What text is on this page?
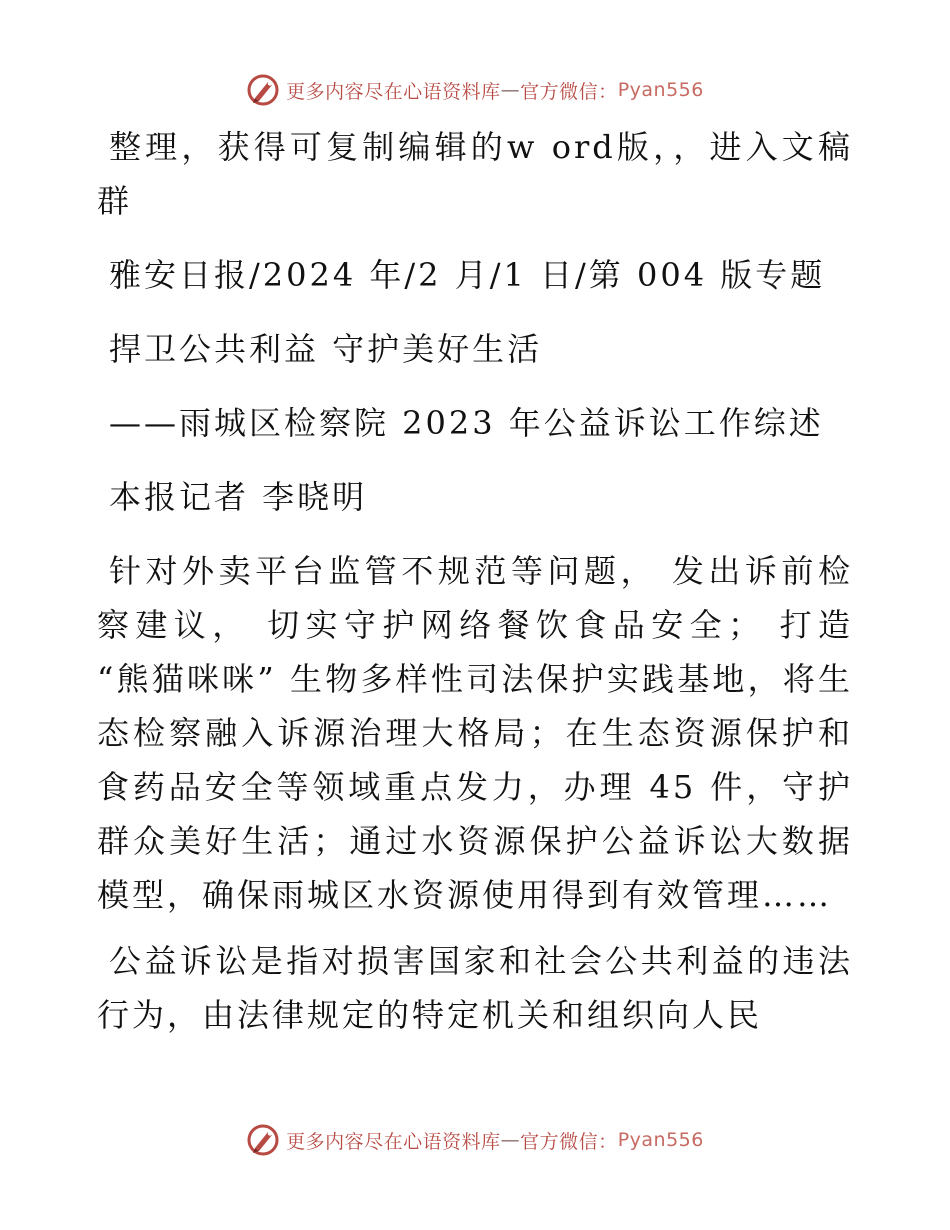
更多内容尽在心语资料库 — 官方微信： Pyan556

整理，获得可复制编辑的w ord版，，进入文稿群

雅安日报/2024 年/2 月/1 日/第 004 版专题

捍卫公共利益 守护美好生活

——雨城区检察院 2023 年公益诉讼工作综述

本报记者 李晓明

针对外卖平台监管不规范等问题， 发出诉前检察建议， 切实守护网络餐饮食品安全； 打造 “熊猫咪咪” 生物多样性司法保护实践基地，将生态检察融入诉源治理大格局；在生态资源保护和食药品安全等领域重点发力，办理 45 件，守护群众美好生活；通过水资源保护公益诉讼大数据模型，确保雨城区水资源使用得到有效管理……

公益诉讼是指对损害国家和社会公共利益的违法行为，由法律规定的特定机关和组织向人民

更多内容尽在心语资料库 — 官方微信： Pyan556
